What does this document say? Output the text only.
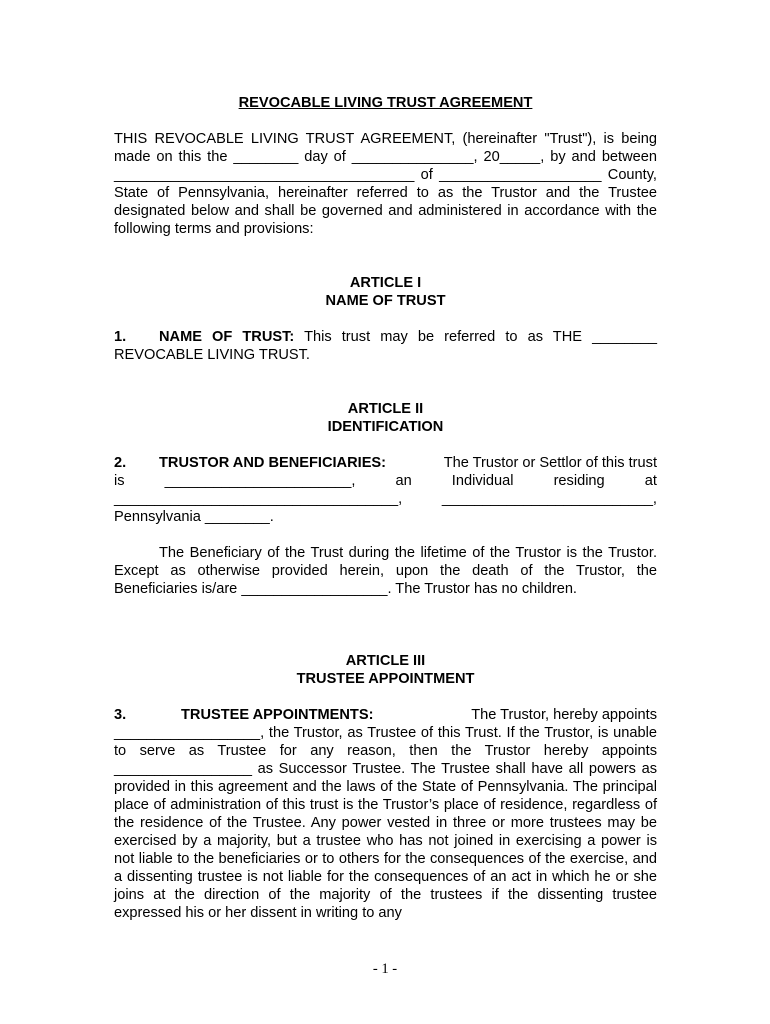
REVOCABLE LIVING TRUST AGREEMENT

THIS REVOCABLE LIVING TRUST AGREEMENT, (hereinafter "Trust"), is being made on this the ________ day of _______________, 20_____, by and between _____________________________________ of ____________________ County, State of Pennsylvania, hereinafter referred to as the Trustor and the Trustee designated below and shall be governed and administered in accordance with the following terms and provisions:

ARTICLE I

NAME OF TRUST

1. NAME OF TRUST: This trust may be referred to as THE ________ REVOCABLE LIVING TRUST.

ARTICLE II

IDENTIFICATION

2. TRUSTOR AND BENEFICIARIES:	The Trustor or Settlor of this trust
is	_______________________,	an	Individual	residing	at
___________________________________,	__________________________,
Pennsylvania ________.

The Beneficiary of the Trust during the lifetime of the Trustor is the Trustor. Except as otherwise provided herein, upon the death of the Trustor, the Beneficiaries is/are __________________. The Trustor has no children.

ARTICLE III

TRUSTEE APPOINTMENT

3.	TRUSTEE APPOINTMENTS:	The Trustor, hereby appoints

__________________, the Trustor, as Trustee of this Trust. If the Trustor, is unable to serve as Trustee for any reason, then the Trustor hereby appoints _________________ as Successor Trustee. The Trustee shall have all powers as provided in this agreement and the laws of the State of Pennsylvania. The principal place of administration of this trust is the Trustor’s place of residence, regardless of the residence of the Trustee. Any power vested in three or more trustees may be exercised by a majority, but a trustee who has not joined in exercising a power is not liable to the beneficiaries or to others for the consequences of the exercise, and a dissenting trustee is not liable for the consequences of an act in which he or she joins at the direction of the majority of the trustees if the dissenting trustee expressed his or her dissent in writing to any

- 1 -
